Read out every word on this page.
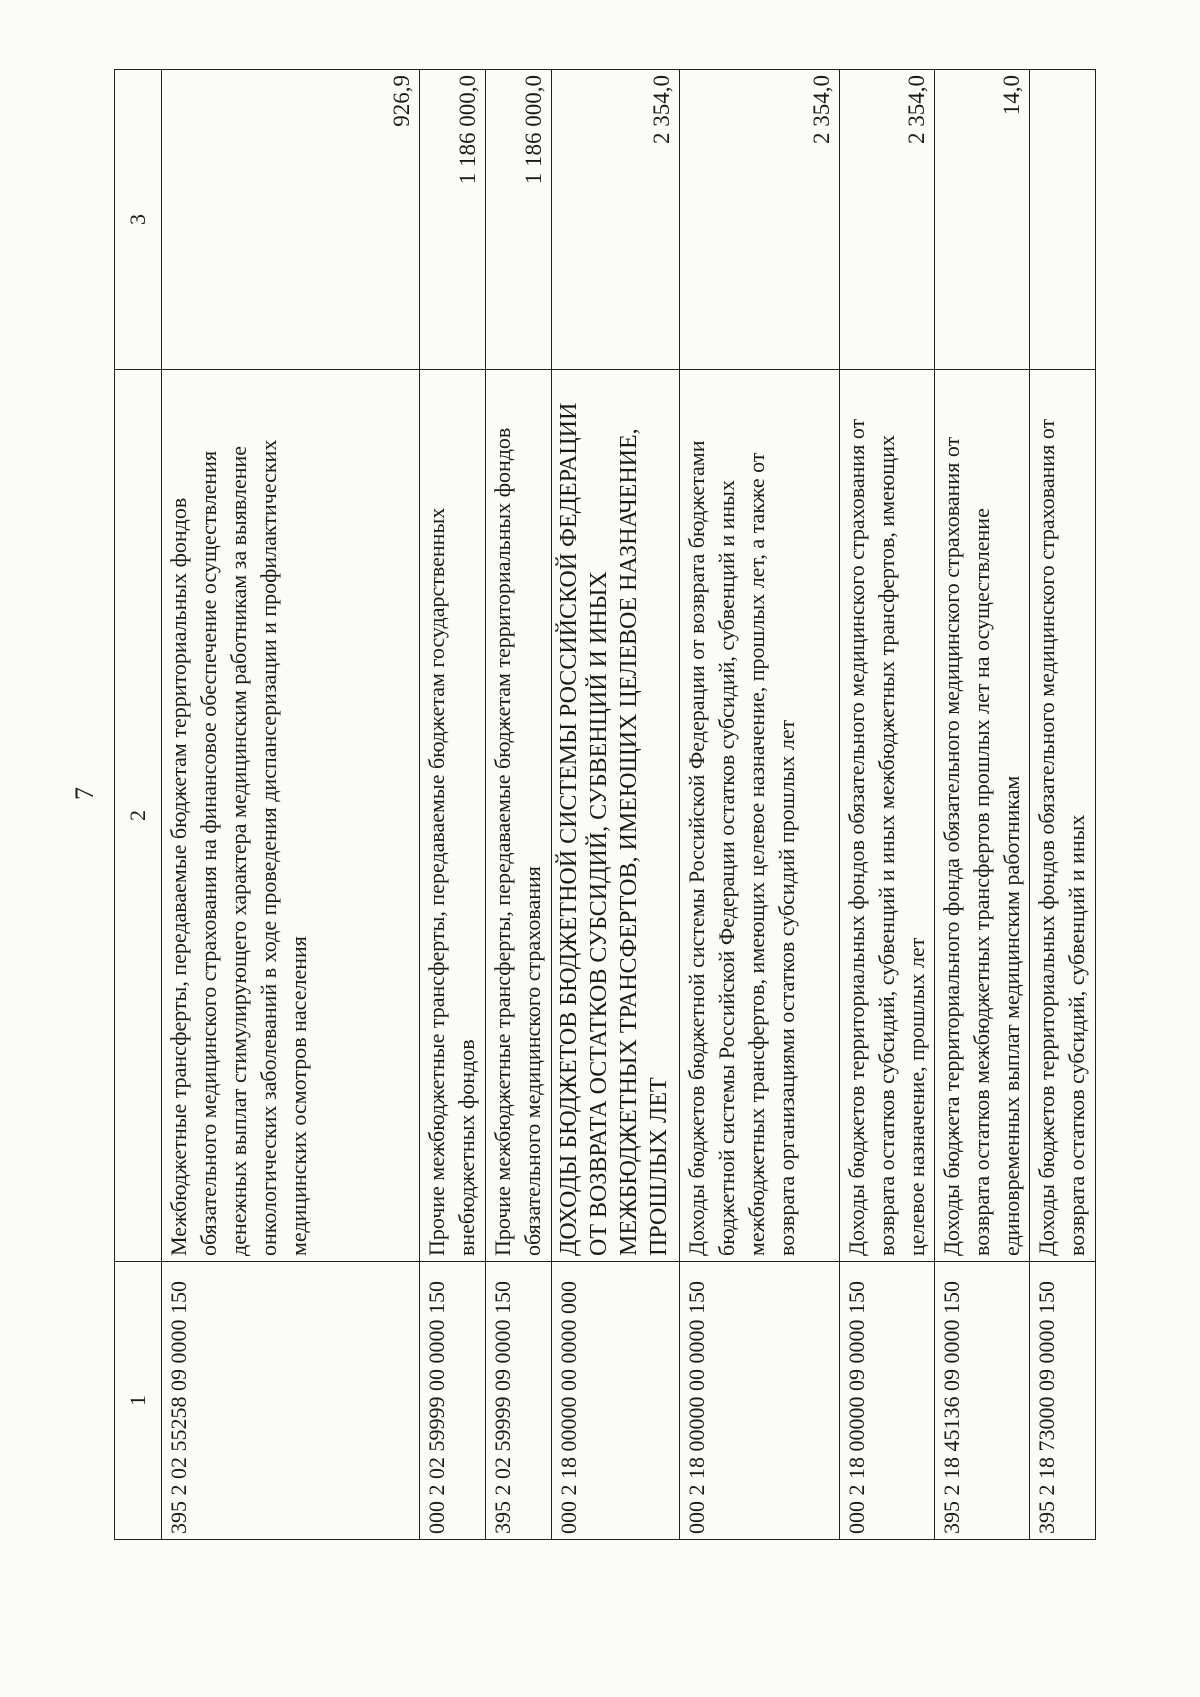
7
1	2	3
395 2 02 55258 09 0000 150	Межбюджетные трансферты, передаваемые бюджетам территориальных фондов обязательного медицинского страхования на финансовое обеспечение осуществления денежных выплат стимулирующего характера медицинским работникам за выявление онкологических заболеваний в ходе проведения диспансеризации и профилактических медицинских осмотров населения	926,9
000 2 02 59999 00 0000 150	Прочие межбюджетные трансферты, передаваемые бюджетам государственных внебюджетных фондов	1 186 000,0
395 2 02 59999 09 0000 150	Прочие межбюджетные трансферты, передаваемые бюджетам территориальных фондов обязательного медицинского страхования	1 186 000,0
000 2 18 00000 00 0000 000	ДОХОДЫ БЮДЖЕТОВ БЮДЖЕТНОЙ СИСТЕМЫ РОССИЙСКОЙ ФЕДЕРАЦИИ ОТ ВОЗВРАТА ОСТАТКОВ СУБСИДИЙ, СУБВЕНЦИЙ И ИНЫХ МЕЖБЮДЖЕТНЫХ ТРАНСФЕРТОВ, ИМЕЮЩИХ ЦЕЛЕВОЕ НАЗНАЧЕНИЕ, ПРОШЛЫХ ЛЕТ	2 354,0
000 2 18 00000 00 0000 150	Доходы бюджетов бюджетной системы Российской Федерации от возврата бюджетами бюджетной системы Российской Федерации остатков субсидий, субвенций и иных межбюджетных трансфертов, имеющих целевое назначение, прошлых лет, а также от возврата организациями остатков субсидий прошлых лет	2 354,0
000 2 18 00000 09 0000 150	Доходы бюджетов территориальных фондов обязательного медицинского страхования от возврата остатков субсидий, субвенций и иных межбюджетных трансфертов, имеющих целевое назначение, прошлых лет	2 354,0
395 2 18 45136 09 0000 150	Доходы бюджета территориального фонда обязательного медицинского страхования от возврата остатков межбюджетных трансфертов прошлых лет на осуществление единовременных выплат медицинским работникам	14,0
395 2 18 73000 09 0000 150	Доходы бюджетов территориальных фондов обязательного медицинского страхования от возврата остатков субсидий, субвенций и иных	
